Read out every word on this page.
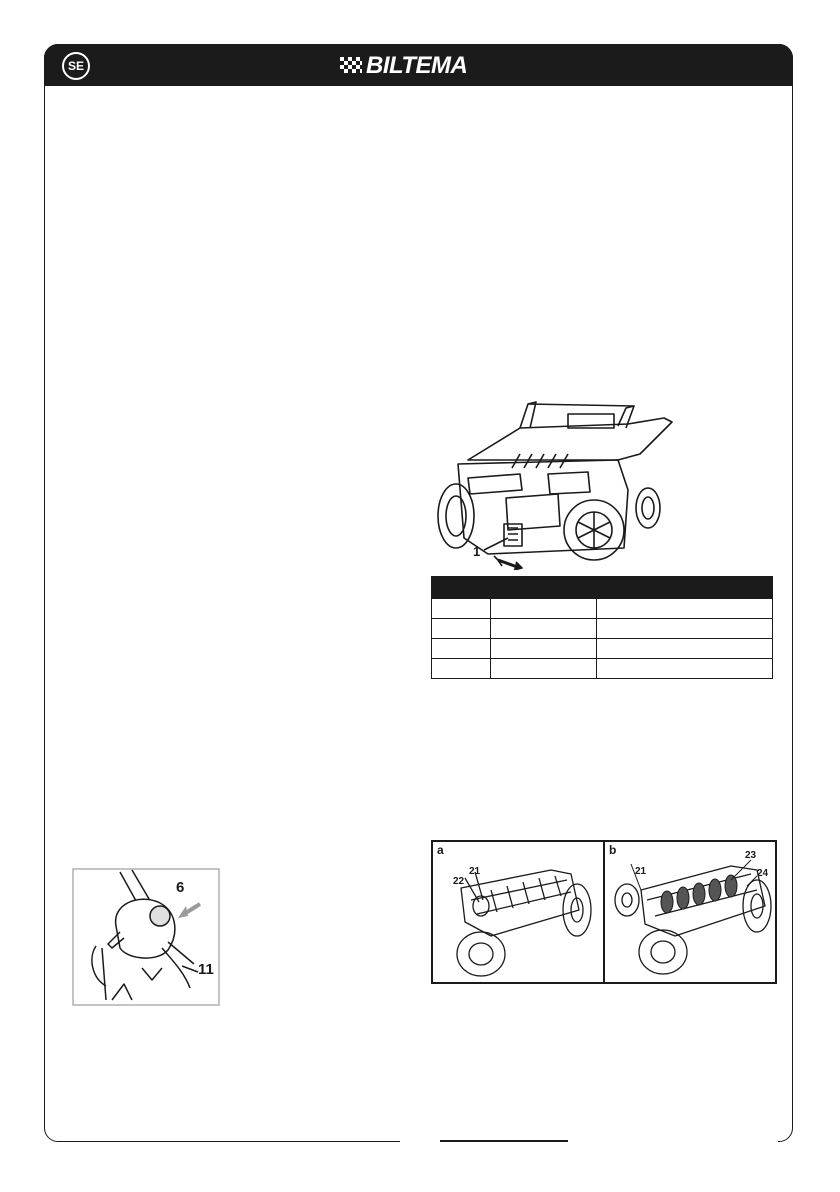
SE	BILTEMA
1

6
11
a
21
22
b
21
23
24
